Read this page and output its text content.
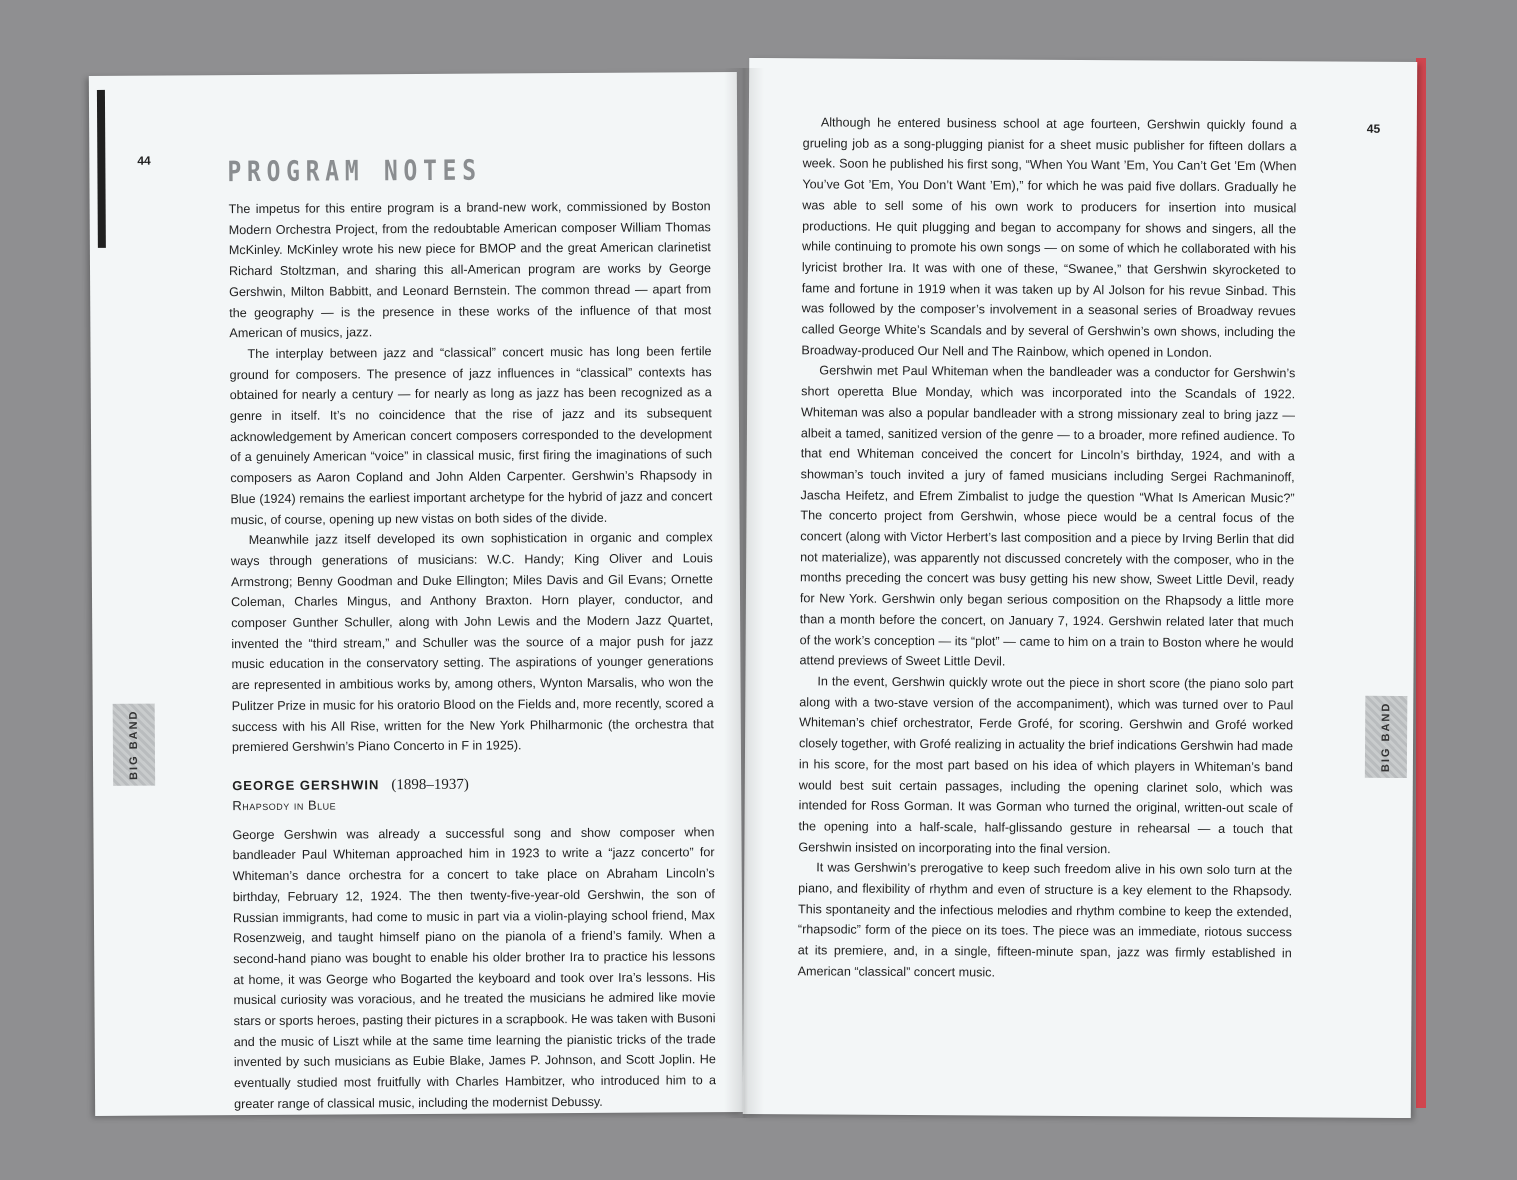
44	PROGRAM NOTES
BIG BAND

The impetus for this entire program is a brand-new work, commissioned by Boston Modern Orchestra Project, from the redoubtable American composer William Thomas McKinley. McKinley wrote his new piece for BMOP and the great American clarinetist Richard Stoltzman, and sharing this all-American program are works by George Gershwin, Milton Babbitt, and Leonard Bernstein. The common thread — apart from the geography — is the presence in these works of the influence of that most American of musics, jazz.

The interplay between jazz and “classical” concert music has long been fertile ground for composers. The presence of jazz influences in “classical” contexts has obtained for nearly a century — for nearly as long as jazz has been recognized as a genre in itself. It’s no coincidence that the rise of jazz and its subsequent acknowledgement by American concert composers corresponded to the development of a genuinely American “voice” in classical music, first firing the imaginations of such composers as Aaron Copland and John Alden Carpenter. Gershwin’s Rhapsody in Blue (1924) remains the earliest important archetype for the hybrid of jazz and concert music, of course, opening up new vistas on both sides of the divide.

Meanwhile jazz itself developed its own sophistication in organic and complex ways through generations of musicians: W.C. Handy; King Oliver and Louis Armstrong; Benny Goodman and Duke Ellington; Miles Davis and Gil Evans; Ornette Coleman, Charles Mingus, and Anthony Braxton. Horn player, conductor, and composer Gunther Schuller, along with John Lewis and the Modern Jazz Quartet, invented the “third stream,” and Schuller was the source of a major push for jazz music education in the conservatory setting. The aspirations of younger generations are represented in ambitious works by, among others, Wynton Marsalis, who won the Pulitzer Prize in music for his oratorio Blood on the Fields and, more recently, scored a success with his All Rise, written for the New York Philharmonic (the orchestra that premiered Gershwin’s Piano Concerto in F in 1925).

GEORGE GERSHWIN (1898–1937)
Rhapsody in Blue

George Gershwin was already a successful song and show composer when bandleader Paul Whiteman approached him in 1923 to write a “jazz concerto” for Whiteman’s dance orchestra for a concert to take place on Abraham Lincoln’s birthday, February 12, 1924. The then twenty-five-year-old Gershwin, the son of Russian immigrants, had come to music in part via a violin-playing school friend, Max Rosenzweig, and taught himself piano on the pianola of a friend’s family. When a second-hand piano was bought to enable his older brother Ira to practice his lessons at home, it was George who Bogarted the keyboard and took over Ira’s lessons. His musical curiosity was voracious, and he treated the musicians he admired like movie stars or sports heroes, pasting their pictures in a scrapbook. He was taken with Busoni and the music of Liszt while at the same time learning the pianistic tricks of the trade invented by such musicians as Eubie Blake, James P. Johnson, and Scott Joplin. He eventually studied most fruitfully with Charles Hambitzer, who introduced him to a greater range of classical music, including the modernist Debussy.

45
BIG BAND

Although he entered business school at age fourteen, Gershwin quickly found a grueling job as a song-plugging pianist for a sheet music publisher for fifteen dollars a week. Soon he published his first song, “When You Want ’Em, You Can’t Get ’Em (When You’ve Got ’Em, You Don’t Want ’Em),” for which he was paid five dollars. Gradually he was able to sell some of his own work to producers for insertion into musical productions. He quit plugging and began to accompany for shows and singers, all the while continuing to promote his own songs — on some of which he collaborated with his lyricist brother Ira. It was with one of these, “Swanee,” that Gershwin skyrocketed to fame and fortune in 1919 when it was taken up by Al Jolson for his revue Sinbad. This was followed by the composer’s involvement in a seasonal series of Broadway revues called George White’s Scandals and by several of Gershwin’s own shows, including the Broadway-produced Our Nell and The Rainbow, which opened in London.

Gershwin met Paul Whiteman when the bandleader was a conductor for Gershwin’s short operetta Blue Monday, which was incorporated into the Scandals of 1922. Whiteman was also a popular bandleader with a strong missionary zeal to bring jazz — albeit a tamed, sanitized version of the genre — to a broader, more refined audience. To that end Whiteman conceived the concert for Lincoln’s birthday, 1924, and with a showman’s touch invited a jury of famed musicians including Sergei Rachmaninoff, Jascha Heifetz, and Efrem Zimbalist to judge the question “What Is American Music?” The concerto project from Gershwin, whose piece would be a central focus of the concert (along with Victor Herbert’s last composition and a piece by Irving Berlin that did not materialize), was apparently not discussed concretely with the composer, who in the months preceding the concert was busy getting his new show, Sweet Little Devil, ready for New York. Gershwin only began serious composition on the Rhapsody a little more than a month before the concert, on January 7, 1924. Gershwin related later that much of the work’s conception — its “plot” — came to him on a train to Boston where he would attend previews of Sweet Little Devil.

In the event, Gershwin quickly wrote out the piece in short score (the piano solo part along with a two-stave version of the accompaniment), which was turned over to Paul Whiteman’s chief orchestrator, Ferde Grofé, for scoring. Gershwin and Grofé worked closely together, with Grofé realizing in actuality the brief indications Gershwin had made in his score, for the most part based on his idea of which players in Whiteman’s band would best suit certain passages, including the opening clarinet solo, which was intended for Ross Gorman. It was Gorman who turned the original, written-out scale of the opening into a half-scale, half-glissando gesture in rehearsal — a touch that Gershwin insisted on incorporating into the final version.

It was Gershwin’s prerogative to keep such freedom alive in his own solo turn at the piano, and flexibility of rhythm and even of structure is a key element to the Rhapsody. This spontaneity and the infectious melodies and rhythm combine to keep the extended, “rhapsodic” form of the piece on its toes. The piece was an immediate, riotous success at its premiere, and, in a single, fifteen-minute span, jazz was firmly established in American “classical” concert music.
